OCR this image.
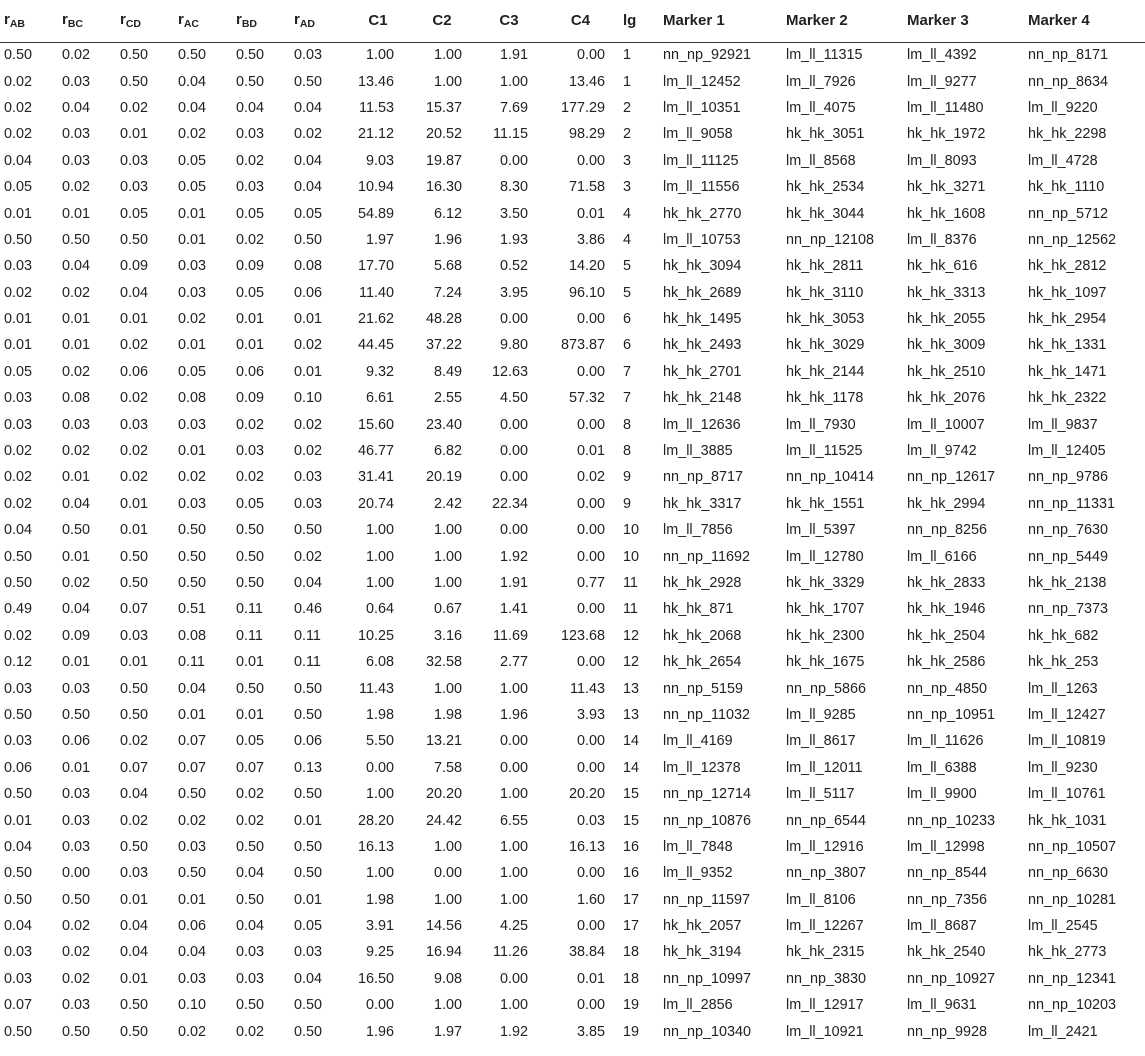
$r_{AB}$	$r_{BC}$	$r_{CD}$	$r_{AC}$	$r_{BD}$	$r_{AD}$	C1	C2	C3	C4	lg	Marker 1	Marker 2	Marker 3	Marker 4
0.50	0.02	0.50	0.50	0.50	0.03	1.00	1.00	1.91	0.00	1	nn_np_92921	lm_ll_11315	lm_ll_4392	nn_np_8171
0.02	0.03	0.50	0.04	0.50	0.50	13.46	1.00	1.00	13.46	1	lm_ll_12452	lm_ll_7926	lm_ll_9277	nn_np_8634
0.02	0.04	0.02	0.04	0.04	0.04	11.53	15.37	7.69	177.29	2	lm_ll_10351	lm_ll_4075	lm_ll_11480	lm_ll_9220
0.02	0.03	0.01	0.02	0.03	0.02	21.12	20.52	11.15	98.29	2	lm_ll_9058	hk_hk_3051	hk_hk_1972	hk_hk_2298
0.04	0.03	0.03	0.05	0.02	0.04	9.03	19.87	0.00	0.00	3	lm_ll_11125	lm_ll_8568	lm_ll_8093	lm_ll_4728
0.05	0.02	0.03	0.05	0.03	0.04	10.94	16.30	8.30	71.58	3	lm_ll_11556	hk_hk_2534	hk_hk_3271	hk_hk_1110
0.01	0.01	0.05	0.01	0.05	0.05	54.89	6.12	3.50	0.01	4	hk_hk_2770	hk_hk_3044	hk_hk_1608	nn_np_5712
0.50	0.50	0.50	0.01	0.02	0.50	1.97	1.96	1.93	3.86	4	lm_ll_10753	nn_np_12108	lm_ll_8376	nn_np_12562
0.03	0.04	0.09	0.03	0.09	0.08	17.70	5.68	0.52	14.20	5	hk_hk_3094	hk_hk_2811	hk_hk_616	hk_hk_2812
0.02	0.02	0.04	0.03	0.05	0.06	11.40	7.24	3.95	96.10	5	hk_hk_2689	hk_hk_3110	hk_hk_3313	hk_hk_1097
0.01	0.01	0.01	0.02	0.01	0.01	21.62	48.28	0.00	0.00	6	hk_hk_1495	hk_hk_3053	hk_hk_2055	hk_hk_2954
0.01	0.01	0.02	0.01	0.01	0.02	44.45	37.22	9.80	873.87	6	hk_hk_2493	hk_hk_3029	hk_hk_3009	hk_hk_1331
0.05	0.02	0.06	0.05	0.06	0.01	9.32	8.49	12.63	0.00	7	hk_hk_2701	hk_hk_2144	hk_hk_2510	hk_hk_1471
0.03	0.08	0.02	0.08	0.09	0.10	6.61	2.55	4.50	57.32	7	hk_hk_2148	hk_hk_1178	hk_hk_2076	hk_hk_2322
0.03	0.03	0.03	0.03	0.02	0.02	15.60	23.40	0.00	0.00	8	lm_ll_12636	lm_ll_7930	lm_ll_10007	lm_ll_9837
0.02	0.02	0.02	0.01	0.03	0.02	46.77	6.82	0.00	0.01	8	lm_ll_3885	lm_ll_11525	lm_ll_9742	lm_ll_12405
0.02	0.01	0.02	0.02	0.02	0.03	31.41	20.19	0.00	0.02	9	nn_np_8717	nn_np_10414	nn_np_12617	nn_np_9786
0.02	0.04	0.01	0.03	0.05	0.03	20.74	2.42	22.34	0.00	9	hk_hk_3317	hk_hk_1551	hk_hk_2994	nn_np_11331
0.04	0.50	0.01	0.50	0.50	0.50	1.00	1.00	0.00	0.00	10	lm_ll_7856	lm_ll_5397	nn_np_8256	nn_np_7630
0.50	0.01	0.50	0.50	0.50	0.02	1.00	1.00	1.92	0.00	10	nn_np_11692	lm_ll_12780	lm_ll_6166	nn_np_5449
0.50	0.02	0.50	0.50	0.50	0.04	1.00	1.00	1.91	0.77	11	hk_hk_2928	hk_hk_3329	hk_hk_2833	hk_hk_2138
0.49	0.04	0.07	0.51	0.11	0.46	0.64	0.67	1.41	0.00	11	hk_hk_871	hk_hk_1707	hk_hk_1946	nn_np_7373
0.02	0.09	0.03	0.08	0.11	0.11	10.25	3.16	11.69	123.68	12	hk_hk_2068	hk_hk_2300	hk_hk_2504	hk_hk_682
0.12	0.01	0.01	0.11	0.01	0.11	6.08	32.58	2.77	0.00	12	hk_hk_2654	hk_hk_1675	hk_hk_2586	hk_hk_253
0.03	0.03	0.50	0.04	0.50	0.50	11.43	1.00	1.00	11.43	13	nn_np_5159	nn_np_5866	nn_np_4850	lm_ll_1263
0.50	0.50	0.50	0.01	0.01	0.50	1.98	1.98	1.96	3.93	13	nn_np_11032	lm_ll_9285	nn_np_10951	lm_ll_12427
0.03	0.06	0.02	0.07	0.05	0.06	5.50	13.21	0.00	0.00	14	lm_ll_4169	lm_ll_8617	lm_ll_11626	lm_ll_10819
0.06	0.01	0.07	0.07	0.07	0.13	0.00	7.58	0.00	0.00	14	lm_ll_12378	lm_ll_12011	lm_ll_6388	lm_ll_9230
0.50	0.03	0.04	0.50	0.02	0.50	1.00	20.20	1.00	20.20	15	nn_np_12714	lm_ll_5117	lm_ll_9900	lm_ll_10761
0.01	0.03	0.02	0.02	0.02	0.01	28.20	24.42	6.55	0.03	15	nn_np_10876	nn_np_6544	nn_np_10233	hk_hk_1031
0.04	0.03	0.50	0.03	0.50	0.50	16.13	1.00	1.00	16.13	16	lm_ll_7848	lm_ll_12916	lm_ll_12998	nn_np_10507
0.50	0.00	0.03	0.50	0.04	0.50	1.00	0.00	1.00	0.00	16	lm_ll_9352	nn_np_3807	nn_np_8544	nn_np_6630
0.50	0.50	0.01	0.01	0.50	0.01	1.98	1.00	1.00	1.60	17	nn_np_11597	lm_ll_8106	nn_np_7356	nn_np_10281
0.04	0.02	0.04	0.06	0.04	0.05	3.91	14.56	4.25	0.00	17	hk_hk_2057	lm_ll_12267	lm_ll_8687	lm_ll_2545
0.03	0.02	0.04	0.04	0.03	0.03	9.25	16.94	11.26	38.84	18	hk_hk_3194	hk_hk_2315	hk_hk_2540	hk_hk_2773
0.03	0.02	0.01	0.03	0.03	0.04	16.50	9.08	0.00	0.01	18	nn_np_10997	nn_np_3830	nn_np_10927	nn_np_12341
0.07	0.03	0.50	0.10	0.50	0.50	0.00	1.00	1.00	0.00	19	lm_ll_2856	lm_ll_12917	lm_ll_9631	nn_np_10203
0.50	0.50	0.50	0.02	0.02	0.50	1.96	1.97	1.92	3.85	19	nn_np_10340	lm_ll_10921	nn_np_9928	lm_ll_2421
